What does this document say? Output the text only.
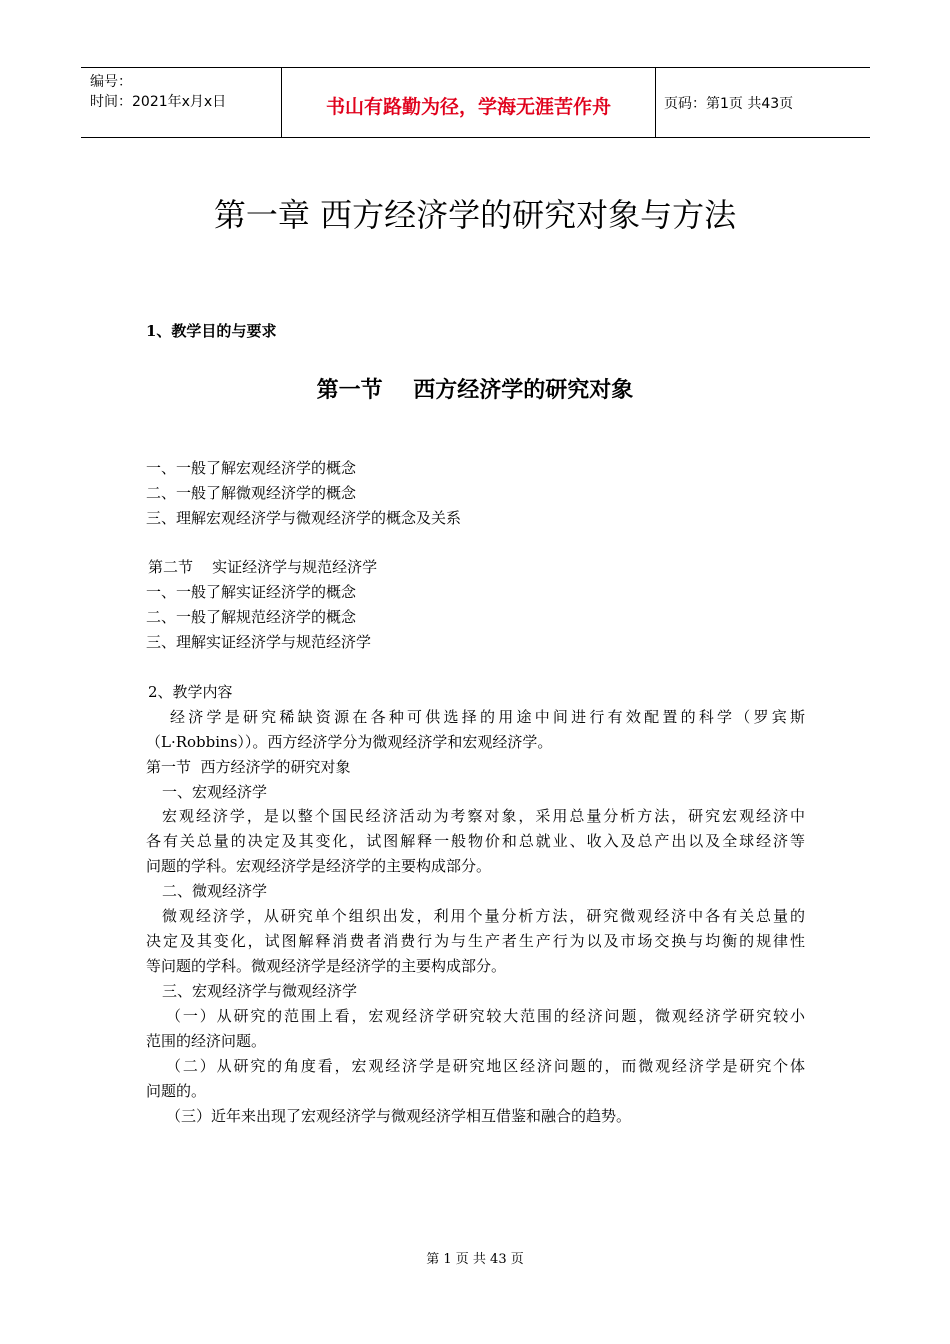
编号：
时间：2021年x月x日	书山有路勤为径，学海无涯苦作舟	页码：第1页 共43页
第一章 西方经济学的研究对象与方法
1、教学目的与要求
第一节    西方经济学的研究对象
一、一般了解宏观经济学的概念
二、一般了解微观经济学的概念
三、理解宏观经济学与微观经济学的概念及关系
第二节    实证经济学与规范经济学
一、一般了解实证经济学的概念
二、一般了解规范经济学的概念
三、理解实证经济学与规范经济学
2、教学内容
经济学是研究稀缺资源在各种可供选择的用途中间进行有效配置的科学（罗宾斯
（L·Robbins））。西方经济学分为微观经济学和宏观经济学。
第一节  西方经济学的研究对象
一、宏观经济学
宏观经济学，是以整个国民经济活动为考察对象，采用总量分析方法，研究宏观经济中
各有关总量的决定及其变化，试图解释一般物价和总就业、收入及总产出以及全球经济等
问题的学科。宏观经济学是经济学的主要构成部分。
二、微观经济学
微观经济学，从研究单个组织出发，利用个量分析方法，研究微观经济中各有关总量的
决定及其变化，试图解释消费者消费行为与生产者生产行为以及市场交换与均衡的规律性
等问题的学科。微观经济学是经济学的主要构成部分。
三、宏观经济学与微观经济学
（一）从研究的范围上看，宏观经济学研究较大范围的经济问题，微观经济学研究较小
范围的经济问题。
（二）从研究的角度看，宏观经济学是研究地区经济问题的，而微观经济学是研究个体
问题的。
（三）近年来出现了宏观经济学与微观经济学相互借鉴和融合的趋势。
第 1 页 共 43 页
